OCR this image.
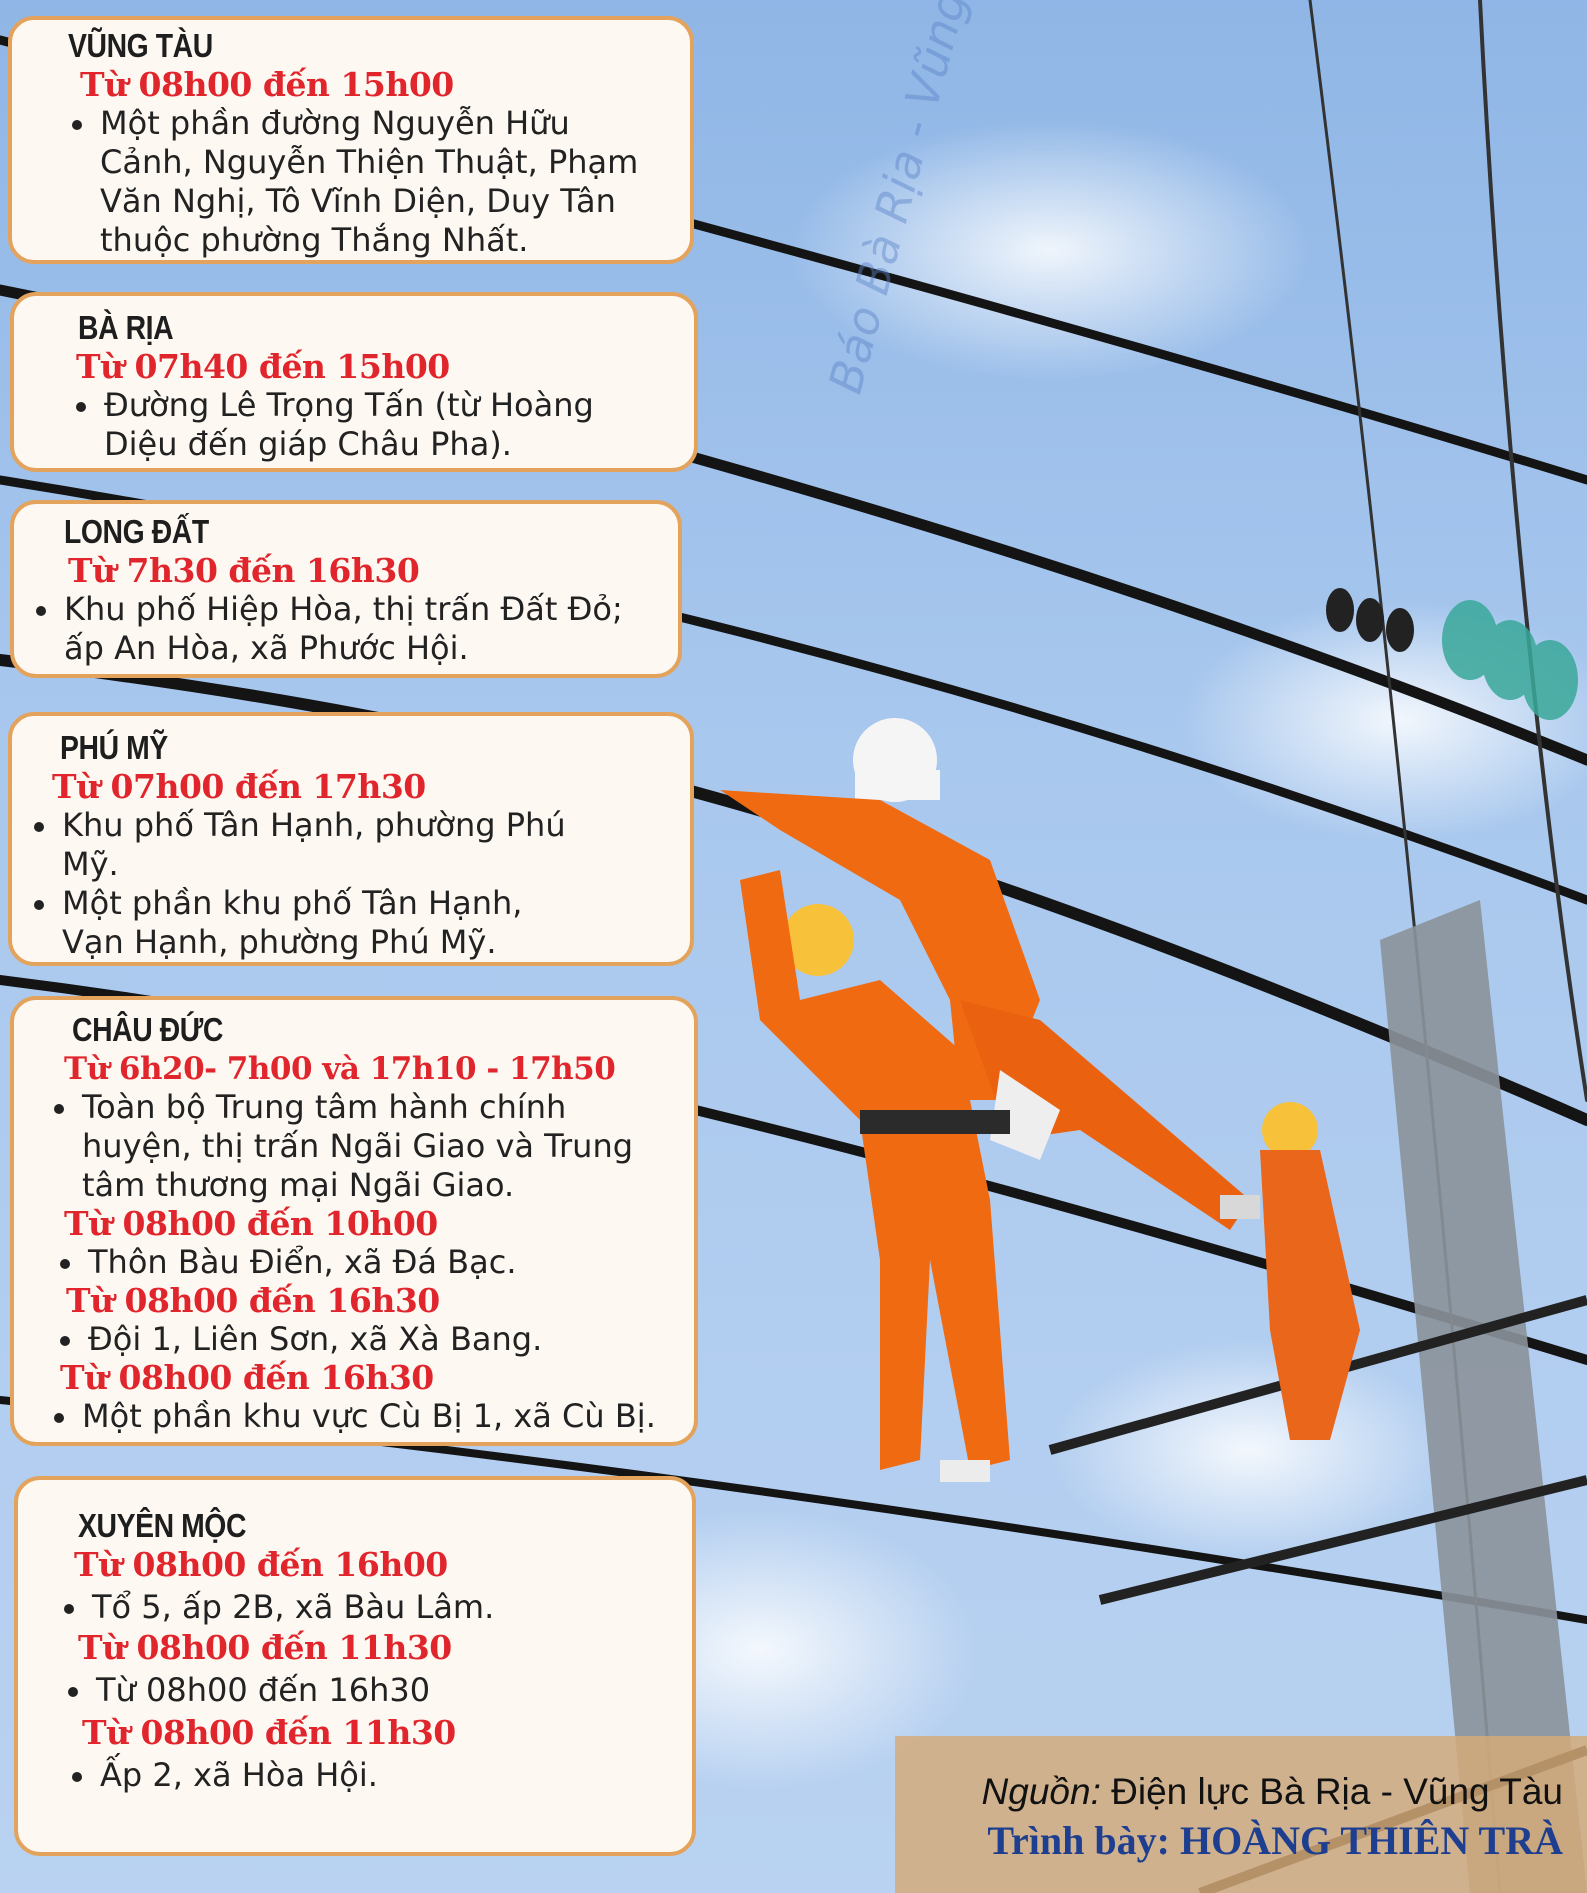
VŨNG TÀU
Từ 08h00 đến 15h00
Một phần đường Nguyễn Hữu Cảnh, Nguyễn Thiện Thuật, Phạm Văn Nghị, Tô Vĩnh Diện, Duy Tân thuộc phường Thắng Nhất.
BÀ RỊA
Từ 07h40 đến 15h00
Đường Lê Trọng Tấn (từ Hoàng Diệu đến giáp Châu Pha).
LONG ĐẤT
Từ 7h30 đến 16h30
Khu phố Hiệp Hòa, thị trấn Đất Đỏ; ấp An Hòa, xã Phước Hội.
PHÚ MỸ
Từ 07h00 đến 17h30
Khu phố Tân Hạnh, phường Phú Mỹ.
Một phần khu phố Tân Hạnh, Vạn Hạnh, phường Phú Mỹ.
CHÂU ĐỨC
Từ 6h20- 7h00 và 17h10 - 17h50
Toàn bộ Trung tâm hành chính huyện, thị trấn Ngãi Giao và Trung tâm thương mại Ngãi Giao.
Từ 08h00 đến 10h00
Thôn Bàu Điển, xã Đá Bạc.
Từ 08h00 đến 16h30
Đội 1, Liên Sơn, xã Xà Bang.
Từ 08h00 đến 16h30
Một phần khu vực Cù Bị 1, xã Cù Bị.
XUYÊN MỘC
Từ 08h00 đến 16h00
Tổ 5, ấp 2B, xã Bàu Lâm.
Từ 08h00 đến 11h30
Từ 08h00 đến 16h30
Từ 08h00 đến 11h30
Ấp 2, xã Hòa Hội.	Nguồn: Điện lực Bà Rịa - Vũng Tàu
Trình bày: HOÀNG THIÊN TRÀ
